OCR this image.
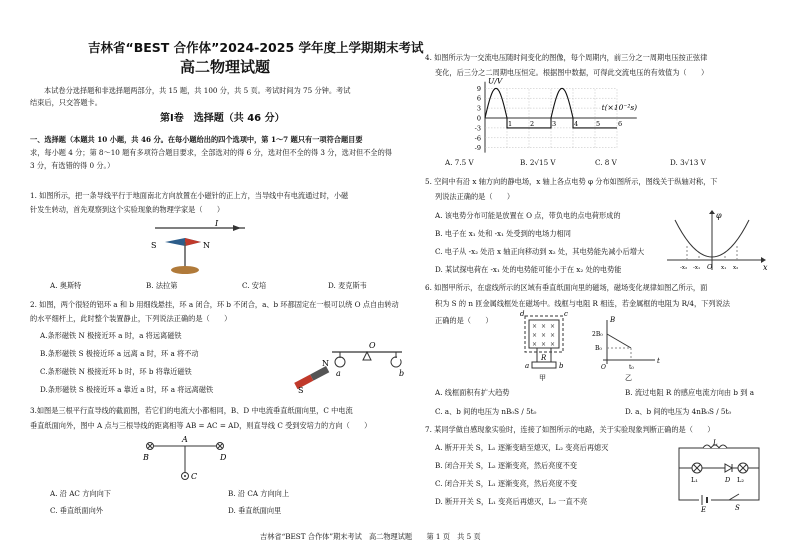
吉林省“BEST 合作体”2024-2025 学年度上学期期末考试
高二物理试题
本试卷分选择题和非选择题两部分，共 15 题，共 100 分，共 5 页。考试时间为 75 分钟。考试
结束后，只交答题卡。
第Ⅰ卷　选择题（共 46 分）
一、选择题（本题共 10 小题，共 46 分。在每小题给出的四个选项中，第 1～7 题只有一项符合题目要
求，每小题 4 分；第 8～10 题有多项符合题目要求，全部选对的得 6 分，选对但不全的得 3 分，选对但不全的得
3 分，有选错的得 0 分。）
1. 如图所示，把一条导线平行于地面南北方向放置在小磁针的正上方，当导线中有电流通过时，小磁
针发生转动，首先观察到这个实验现象的物理学家是（　　）
I
S	N
A. 奥斯特	B. 法拉第	C. 安培	D. 麦克斯韦
2. 如图，两个很轻的铝环 a 和 b 用细线悬挂，环 a 闭合，环 b 不闭合，a、b 环都固定在一根可以绕 O 点自由转动
的水平细杆上，此时整个装置静止，下列说法正确的是（　　）
A.条形磁铁 N 极接近环 a 时，a 将远离磁铁
B.条形磁铁 S 极接近环 a 远离 a 时，环 a 将不动
C.条形磁铁 N 极接近环 b 时，环 b 将靠近磁铁
D.条形磁铁 S 极接近环 a 靠近 a 时，环 a 将远离磁铁
O
a	b
S
N
3.如图是三根平行直导线的截面图，若它们的电流大小都相同，B、D 中电流垂直纸面向里，C 中电流
垂直纸面向外，图中 A 点与三根导线的距离相等 AB = AC = AD，则直导线 C 受到安培力的方向（　　）
A
B	D
C
A. 沿 AC 方向向下	B. 沿 CA 方向向上
C. 垂直纸面向外	D. 垂直纸面向里
4. 如图所示为一交流电压随时间变化的图像，每个周期内，前三分之一周期电压按正弦律
变化，后三分之二周期电压恒定。根据图中数据，可得此交流电压的有效值为（　　）
U/V
t(×10⁻²s)
9
6
3
0
-3
-6
-9
1	2	3	4	5	6
A. 7.5 V	B. 2√15 V	C. 8 V	D. 3√13 V
5. 空间中有沿 x 轴方向的静电场，x 轴上各点电势 φ 分布如图所示，图线关于纵轴对称，下
列说法正确的是（　　）
A. 该电势分布可能是放置在 O 点，带负电的点电荷形成的
B. 电子在 x₁ 处和 -x₁ 处受到的电场力相同
C. 电子从 -x₂ 处沿 x 轴正向移动到 x₂ 处，其电势能先减小后增大
D. 某试探电荷在 -x₁ 处的电势能可能小于在 x₂ 处的电势能
φ
x
O
-x₂ -x₁	x₁ x₂
6. 如图甲所示，在虚线所示的区域有垂直纸面向里的磁场，磁场变化规律如图乙所示，面
积为 S 的 n 匝金属线框处在磁场中。线框与电阻 R 相连，若金属框的电阻为 R/4，下列说法
正确的是（　　）
× × ×
× × ×
× × ×
d	c
a	b
R
甲
B
2B₀
B₀
O	t₀
t
乙
A. 线框面积有扩大趋势	B. 流过电阻 R 的感应电流方向由 b 到 a
C. a、b 间的电压为 nB₀S / 5t₀	D. a、b 间的电压为 4nB₀S / 5t₀
7. 某同学做自感现象实验时，连接了如图所示的电路，关于实验现象判断正确的是（　　）
A. 断开开关 S，L₁ 逐渐变暗至熄灭，L₂ 变亮后再熄灭
B. 闭合开关 S，L₂ 逐渐变亮，然后亮度不变
C. 闭合开关 S，L₁ 逐渐变亮，然后亮度不变
D. 断开开关 S，L₁ 变亮后再熄灭，L₂ 一直不亮
L
L₁	L₂
D
E	S
吉林省“BEST 合作体”期末考试　高二物理试题　　第 1 页　共 5 页
